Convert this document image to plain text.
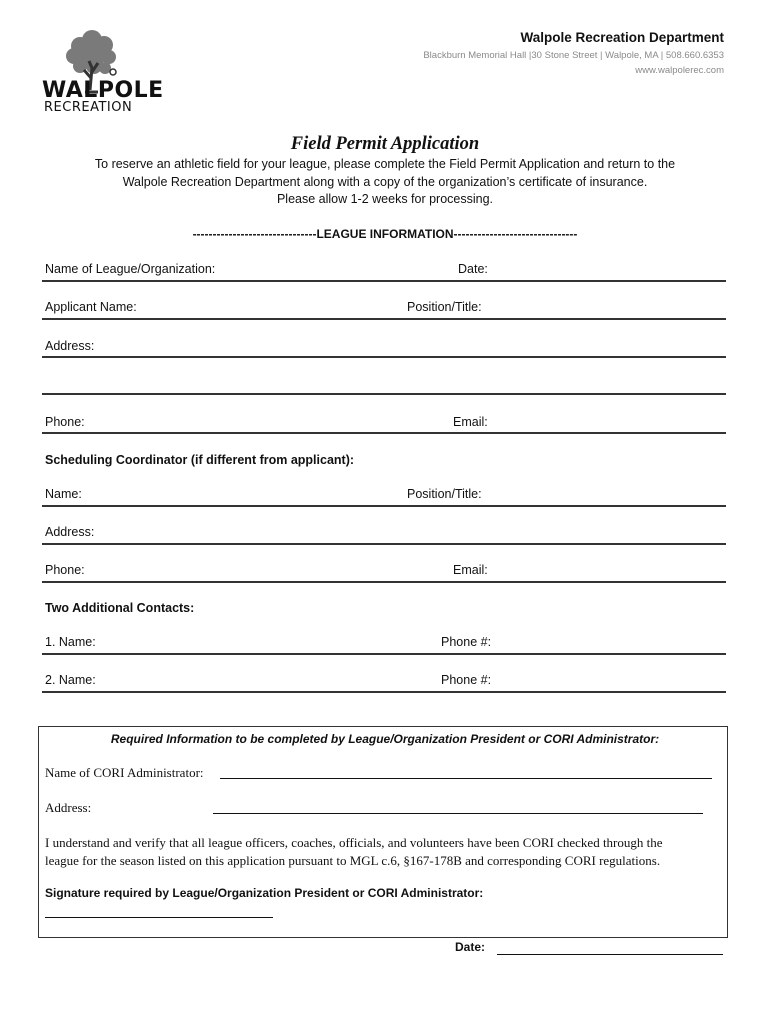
WALPOLE
RECREATION
Walpole Recreation Department
Blackburn Memorial Hall |30 Stone Street | Walpole, MA | 508.660.6353
www.walpolerec.com
Field Permit Application
To reserve an athletic field for your league, please complete the Field Permit Application and return to the
Walpole Recreation Department along with a copy of the organization’s certificate of insurance.
Please allow 1-2 weeks for processing.
-------------------------------LEAGUE INFORMATION-------------------------------
Name of League/Organization:	Date:
Applicant Name:	Position/Title:
Address:
Phone:	Email:
Scheduling Coordinator (if different from applicant):
Name:	Position/Title:
Address:
Phone:	Email:
Two Additional Contacts:
1. Name:	Phone #:
2. Name:	Phone #:
Required Information to be completed by League/Organization President or CORI Administrator:
Name of CORI Administrator:
Address:
I understand and verify that all league officers, coaches, officials, and volunteers have been CORI checked through the
league for the season listed on this application pursuant to MGL c.6, §167-178B and corresponding CORI regulations.
Signature required by League/Organization President or CORI Administrator:
Date:
